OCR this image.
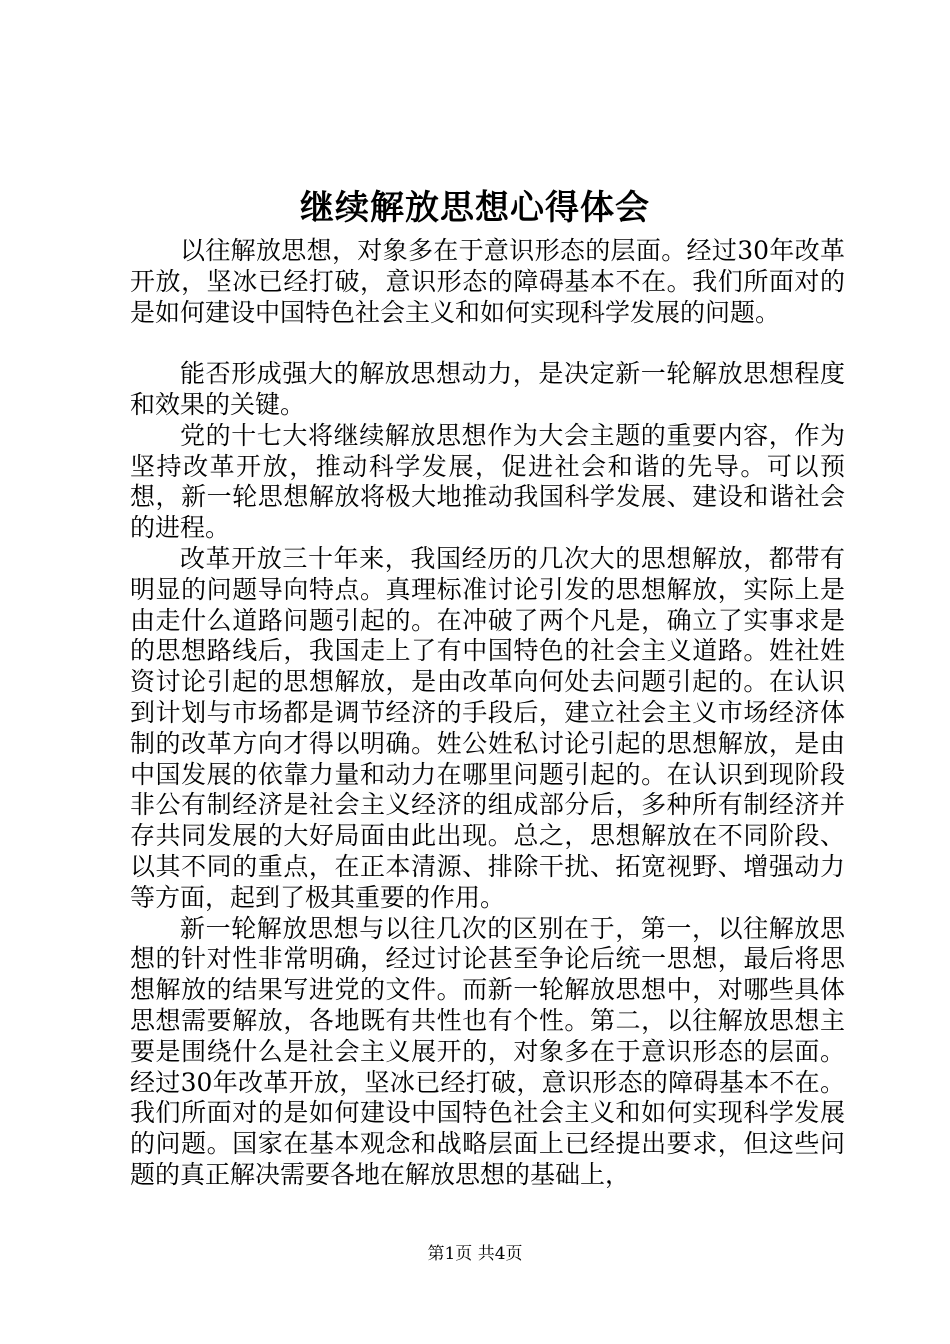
继续解放思想心得体会

以往解放思想，对象多在于意识形态的层面。经过30年改革开放，坚冰已经打破，意识形态的障碍基本不在。我们所面对的是如何建设中国特色社会主义和如何实现科学发展的问题。

能否形成强大的解放思想动力，是决定新一轮解放思想程度和效果的关键。

党的十七大将继续解放思想作为大会主题的重要内容，作为坚持改革开放，推动科学发展，促进社会和谐的先导。可以预想，新一轮思想解放将极大地推动我国科学发展、建设和谐社会的进程。

改革开放三十年来，我国经历的几次大的思想解放，都带有明显的问题导向特点。真理标准讨论引发的思想解放，实际上是由走什么道路问题引起的。在冲破了两个凡是，确立了实事求是的思想路线后，我国走上了有中国特色的社会主义道路。姓社姓资讨论引起的思想解放，是由改革向何处去问题引起的。在认识到计划与市场都是调节经济的手段后，建立社会主义市场经济体制的改革方向才得以明确。姓公姓私讨论引起的思想解放，是由中国发展的依靠力量和动力在哪里问题引起的。在认识到现阶段非公有制经济是社会主义经济的组成部分后，多种所有制经济并存共同发展的大好局面由此出现。总之，思想解放在不同阶段、以其不同的重点，在正本清源、排除干扰、拓宽视野、增强动力等方面，起到了极其重要的作用。

新一轮解放思想与以往几次的区别在于，第一，以往解放思想的针对性非常明确，经过讨论甚至争论后统一思想，最后将思想解放的结果写进党的文件。而新一轮解放思想中，对哪些具体思想需要解放，各地既有共性也有个性。第二，以往解放思想主要是围绕什么是社会主义展开的，对象多在于意识形态的层面。经过30年改革开放，坚冰已经打破，意识形态的障碍基本不在。我们所面对的是如何建设中国特色社会主义和如何实现科学发展的问题。国家在基本观念和战略层面上已经提出要求，但这些问题的真正解决需要各地在解放思想的基础上，

第1页 共4页
